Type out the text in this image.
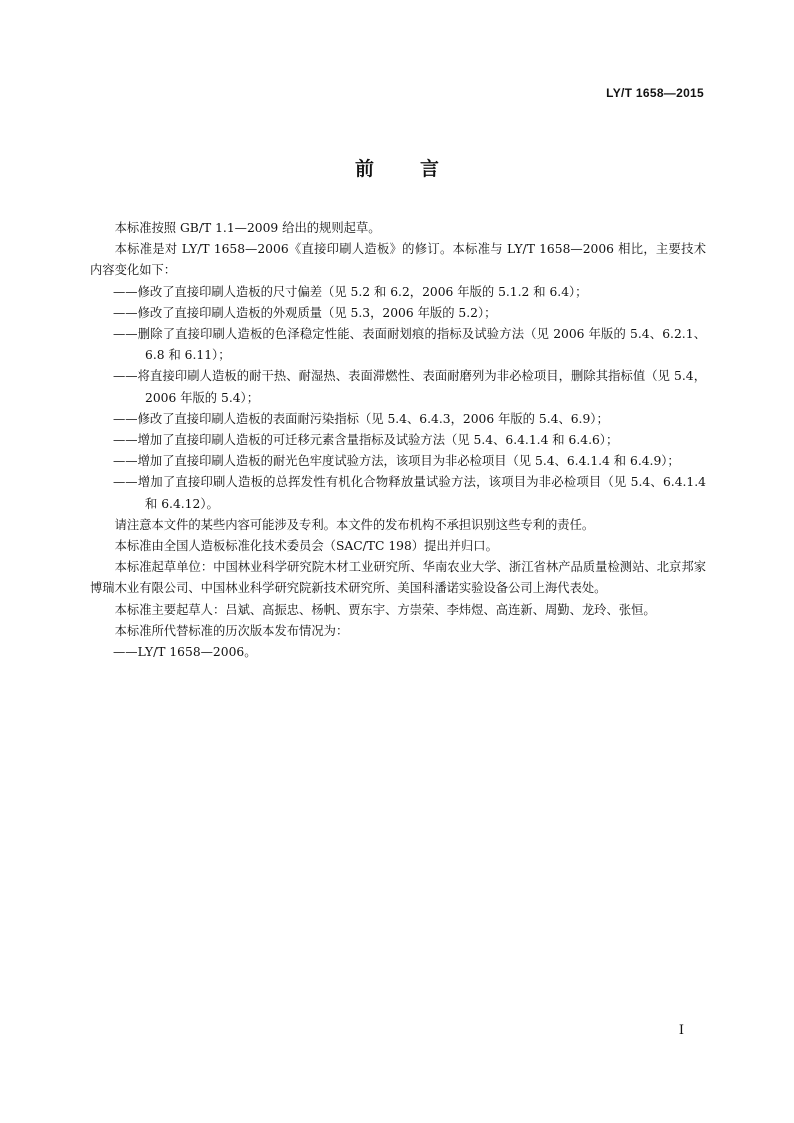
LY/T 1658—2015
前言

本标准按照 GB/T 1.1—2009 给出的规则起草。

本标准是对 LY/T 1658—2006《直接印刷人造板》的修订。本标准与 LY/T 1658—2006 相比，主要技术内容变化如下：

——修改了直接印刷人造板的尺寸偏差（见 5.2 和 6.2，2006 年版的 5.1.2 和 6.4）；

——修改了直接印刷人造板的外观质量（见 5.3，2006 年版的 5.2）；

——删除了直接印刷人造板的色泽稳定性能、表面耐划痕的指标及试验方法（见 2006 年版的 5.4、6.2.1、6.8 和 6.11）；

——将直接印刷人造板的耐干热、耐湿热、表面滞燃性、表面耐磨列为非必检项目，删除其指标值（见 5.4，2006 年版的 5.4）；

——修改了直接印刷人造板的表面耐污染指标（见 5.4、6.4.3，2006 年版的 5.4、6.9）；

——增加了直接印刷人造板的可迁移元素含量指标及试验方法（见 5.4、6.4.1.4 和 6.4.6）；

——增加了直接印刷人造板的耐光色牢度试验方法，该项目为非必检项目（见 5.4、6.4.1.4 和 6.4.9）；

——增加了直接印刷人造板的总挥发性有机化合物释放量试验方法，该项目为非必检项目（见 5.4、6.4.1.4 和 6.4.12）。

请注意本文件的某些内容可能涉及专利。本文件的发布机构不承担识别这些专利的责任。

本标准由全国人造板标准化技术委员会（SAC/TC 198）提出并归口。

本标准起草单位：中国林业科学研究院木材工业研究所、华南农业大学、浙江省林产品质量检测站、北京邦家博瑞木业有限公司、中国林业科学研究院新技术研究所、美国科潘诺实验设备公司上海代表处。

本标准主要起草人：吕斌、高振忠、杨帆、贾东宇、方崇荣、李炜煜、高连新、周勤、龙玲、张恒。

本标准所代替标准的历次版本发布情况为：

——LY/T 1658—2006。

I
